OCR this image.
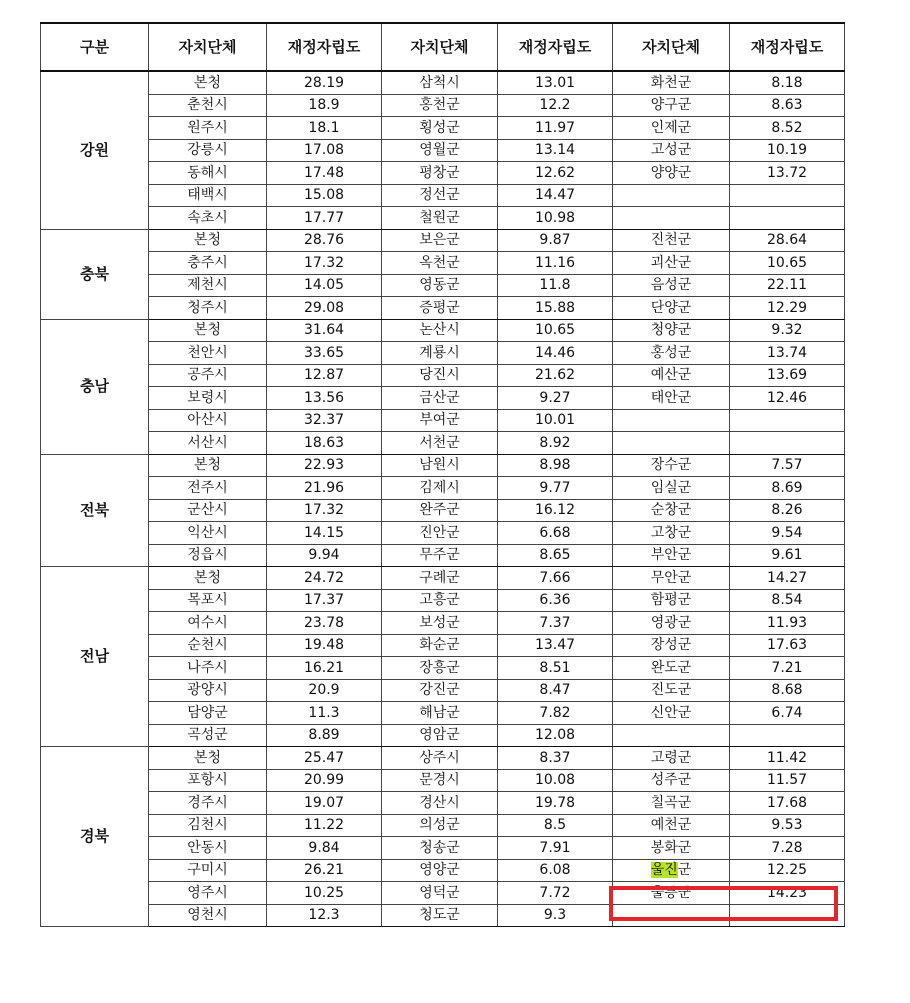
구분	자치단체	재정자립도	자치단체	재정자립도	자치단체	재정자립도
강원	본청	28.19	삼척시	13.01	화천군	8.18
	춘천시	18.9	홍천군	12.2	양구군	8.63
	원주시	18.1	횡성군	11.97	인제군	8.52
	강릉시	17.08	영월군	13.14	고성군	10.19
	동해시	17.48	평창군	12.62	양양군	13.72
	태백시	15.08	정선군	14.47		
	속초시	17.77	철원군	10.98		
충북	본청	28.76	보은군	9.87	진천군	28.64
	충주시	17.32	옥천군	11.16	괴산군	10.65
	제천시	14.05	영동군	11.8	음성군	22.11
	청주시	29.08	증평군	15.88	단양군	12.29
충남	본청	31.64	논산시	10.65	청양군	9.32
	천안시	33.65	계룡시	14.46	홍성군	13.74
	공주시	12.87	당진시	21.62	예산군	13.69
	보령시	13.56	금산군	9.27	태안군	12.46
	아산시	32.37	부여군	10.01		
	서산시	18.63	서천군	8.92		
전북	본청	22.93	남원시	8.98	장수군	7.57
	전주시	21.96	김제시	9.77	임실군	8.69
	군산시	17.32	완주군	16.12	순창군	8.26
	익산시	14.15	진안군	6.68	고창군	9.54
	정읍시	9.94	무주군	8.65	부안군	9.61
전남	본청	24.72	구례군	7.66	무안군	14.27
	목포시	17.37	고흥군	6.36	함평군	8.54
	여수시	23.78	보성군	7.37	영광군	11.93
	순천시	19.48	화순군	13.47	장성군	17.63
	나주시	16.21	장흥군	8.51	완도군	7.21
	광양시	20.9	강진군	8.47	진도군	8.68
	담양군	11.3	해남군	7.82	신안군	6.74
	곡성군	8.89	영암군	12.08		
경북	본청	25.47	상주시	8.37	고령군	11.42
	포항시	20.99	문경시	10.08	성주군	11.57
	경주시	19.07	경산시	19.78	칠곡군	17.68
	김천시	11.22	의성군	8.5	예천군	9.53
	안동시	9.84	청송군	7.91	봉화군	7.28
	구미시	26.21	영양군	6.08	울진군	12.25
	영주시	10.25	영덕군	7.72	울릉군	14.23
	영천시	12.3	청도군	9.3		
